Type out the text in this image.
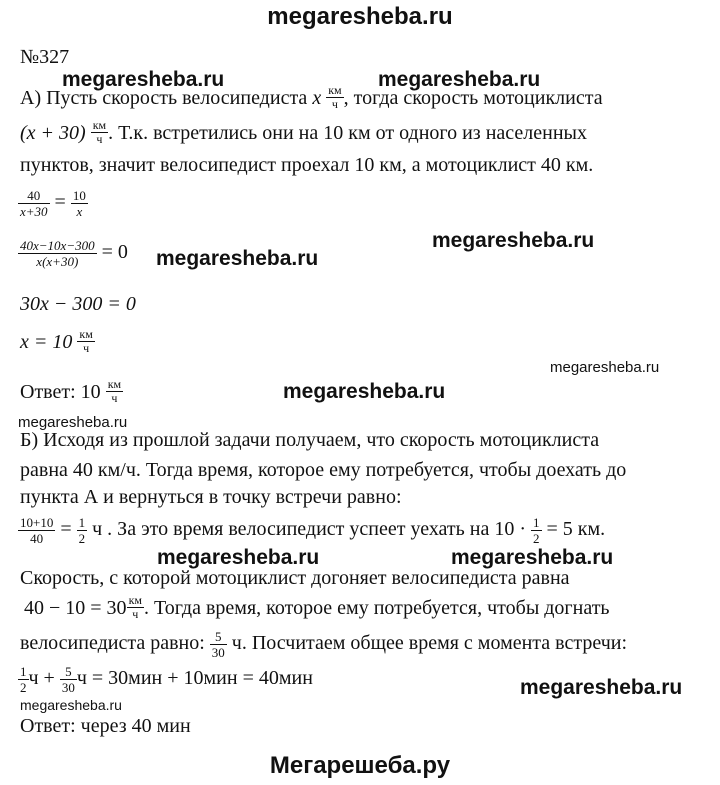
megaresheba.ru
№327
А) Пусть скорость велосипедиста x $\frac{км}{ч}$ , тогда скорость мотоциклиста
$(x + 30) \frac{км}{ч}$ . Т.к. встретились они на 10 км от одного из населенных
пунктов, значит велосипедист проехал 10 км, а мотоциклист 40 км.
$\frac{40}{x+30} = \frac{10}{x}$
$\frac{40x-10x-300}{x(x+30)} = 0$
30x − 300 = 0
$x = 10 \frac{км}{ч}$
Ответ: $10 \frac{км}{ч}$
Б) Исходя из прошлой задачи получаем, что скорость мотоциклиста
равна 40 км/ч. Тогда время, которое ему потребуется, чтобы доехать до
пункта А и вернуться в точку встречи равно:
$\frac{10+10}{40} = \frac{1}{2}$ ч . За это время велосипедист успеет уехать на $10 \cdot \frac{1}{2} = 5$ км.
Скорость, с которой мотоциклист догоняет велосипедиста равна
$40 - 10 = 30 \frac{км}{ч}$ . Тогда время, которое ему потребуется, чтобы догнать
велосипедиста равно: $\frac{5}{30} ч$. Посчитаем общее время с момента встречи:
$\frac{1}{2}$ $ч + \frac{5}{30}$ ч = 30мин + 10мин = 40мин
Ответ: через 40 мин
megaresheba.ru	megaresheba.ru
megaresheba.ru
megaresheba.ru
megaresheba.ru
megaresheba.ru
megaresheba.ru
megaresheba.ru	megaresheba.ru
megaresheba.ru
megaresheba.ru
Мегарешеба.ру
